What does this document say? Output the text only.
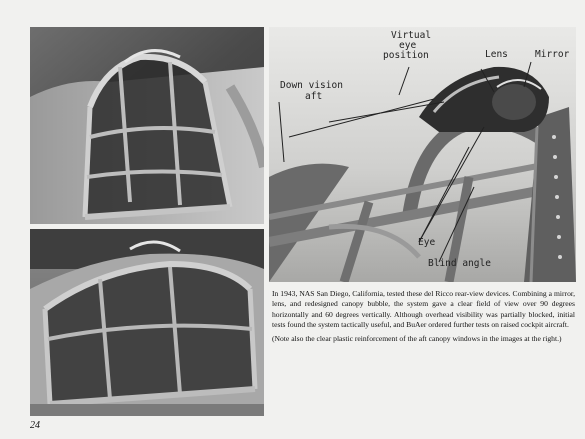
Virtual
eye
position	Lens	Mirror
Down vision
aft
Eye
Blind angle

In 1943, NAS San Diego, California, tested these del Ricco rear-view devices. Combining a mirror, lens, and redesigned canopy bubble, the system gave a clear field of view over 90 degrees horizontally and 60 degrees vertically. Although overhead visibility was partially blocked, initial tests found the system tactically useful, and BuAer ordered further tests on raised cockpit aircraft.

(Note also the clear plastic reinforcement of the aft canopy windows in the images at the right.)

24
